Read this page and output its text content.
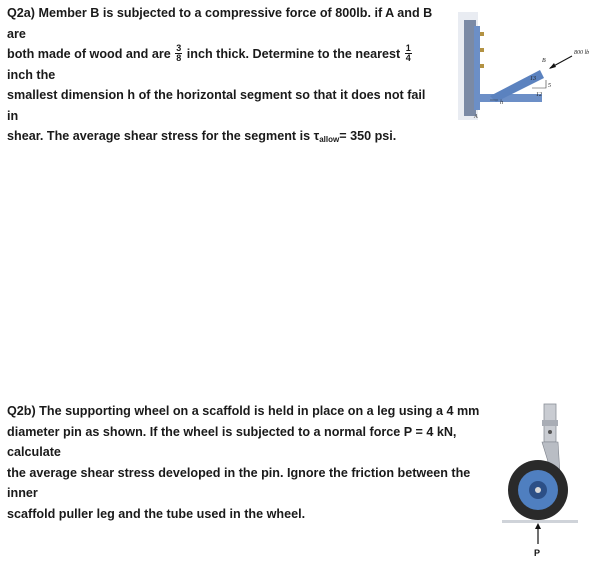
Q2a) Member B is subjected to a compressive force of 800lb. if A and B are
both made of wood and are $\frac{3}{8}$ inch thick. Determine to the nearest $\frac{1}{4}$
inch the
smallest dimension h of the horizontal segment so that it does not fail in
shear. The average shear stress for the segment is $\tau_{allow}= 350$ psi.
5
12
13
h
A
B
800 lb
Q2b) The supporting wheel on a scaffold is held in place on a leg using a 4 mm
diameter pin as shown. If the wheel is subjected to a normal force P = 4 kN, calculate
the average shear stress developed in the pin. Ignore the friction between the inner
scaffold puller leg and the tube used in the wheel.
P
